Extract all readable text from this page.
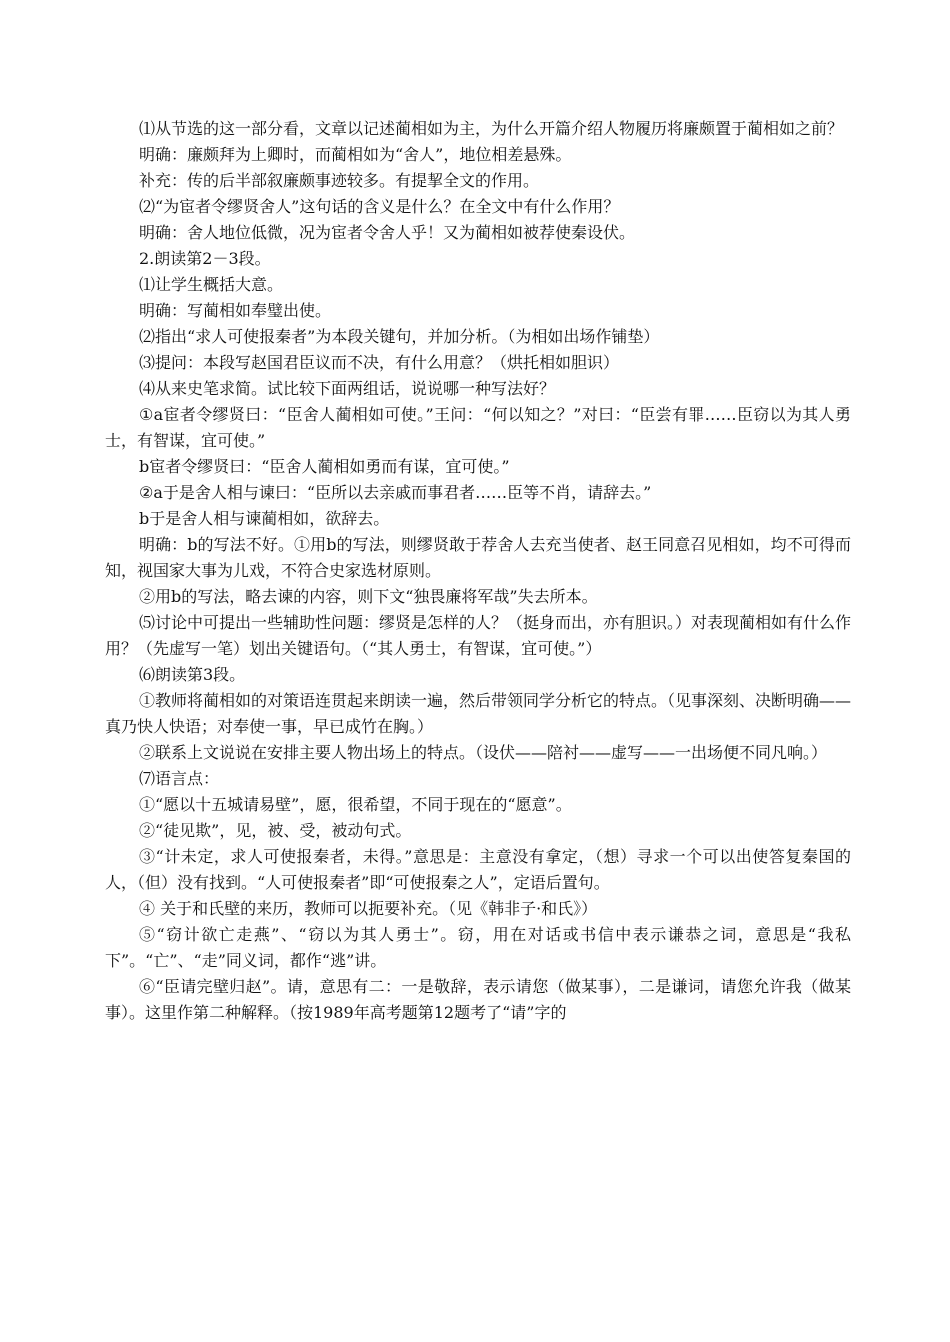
⑴从节选的这一部分看，文章以记述蔺相如为主，为什么开篇介绍人物履历将廉颇置于蔺相如之前？

明确：廉颇拜为上卿时，而蔺相如为“舍人”，地位相差悬殊。

补充：传的后半部叙廉颇事迹较多。有提挈全文的作用。

⑵“为宦者令缪贤舍人”这句话的含义是什么？在全文中有什么作用？

明确：舍人地位低微，况为宦者令舍人乎！又为蔺相如被荐使秦设伏。

2.朗读第2－3段。

⑴让学生概括大意。

明确：写蔺相如奉璧出使。

⑵指出“求人可使报秦者”为本段关键句，并加分析。（为相如出场作铺垫）

⑶提问：本段写赵国君臣议而不决，有什么用意？（烘托相如胆识）

⑷从来史笔求简。试比较下面两组话，说说哪一种写法好？

①a宦者令缪贤曰：“臣舍人蔺相如可使。”王问：“何以知之？”对曰：“臣尝有罪……臣窃以为其人勇士，有智谋，宜可使。”

b宦者令缪贤曰：“臣舍人蔺相如勇而有谋，宜可使。”

②a于是舍人相与谏曰：“臣所以去亲戚而事君者……臣等不肖，请辞去。”

b于是舍人相与谏蔺相如，欲辞去。

明确：b的写法不好。①用b的写法，则缪贤敢于荐舍人去充当使者、赵王同意召见相如，均不可得而知，视国家大事为儿戏，不符合史家选材原则。

②用b的写法，略去谏的内容，则下文“独畏廉将军哉”失去所本。

⑸讨论中可提出一些辅助性问题：缪贤是怎样的人？（挺身而出，亦有胆识。）对表现蔺相如有什么作用？（先虚写一笔）划出关键语句。（“其人勇士，有智谋，宜可使。”）

⑹朗读第3段。

①教师将蔺相如的对策语连贯起来朗读一遍，然后带领同学分析它的特点。（见事深刻、决断明确——真乃快人快语；对奉使一事，早已成竹在胸。）

②联系上文说说在安排主要人物出场上的特点。（设伏——陪衬——虚写——一出场便不同凡响。）

⑺语言点：

①“愿以十五城请易壁”，愿，很希望，不同于现在的“愿意”。

②“徒见欺”，见，被、受，被动句式。

③“计未定，求人可使报秦者，未得。”意思是：主意没有拿定，（想）寻求一个可以出使答复秦国的人，（但）没有找到。“人可使报秦者”即“可使报秦之人”，定语后置句。

④ 关于和氏壁的来历，教师可以扼要补充。（见《韩非子·和氏》）

⑤“窃计欲亡走燕”、“窃以为其人勇士”。窃，用在对话或书信中表示谦恭之词，意思是“我私下”。“亡”、“走”同义词，都作“逃”讲。

⑥“臣请完壁归赵”。请，意思有二：一是敬辞，表示请您（做某事），二是谦词，请您允许我（做某事）。这里作第二种解释。（按1989年高考题第12题考了“请”字的
